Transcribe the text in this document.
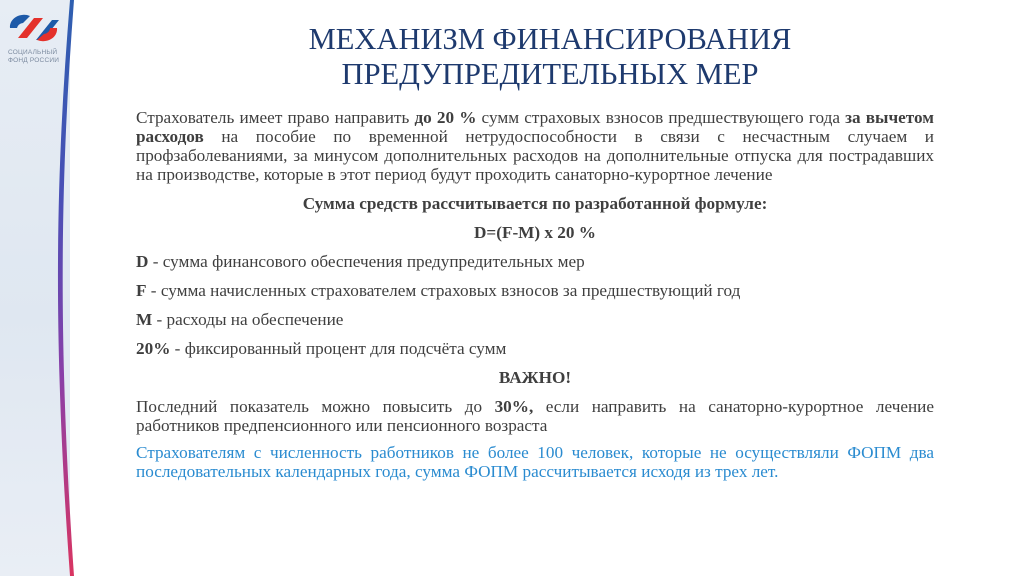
СОЦИАЛЬНЫЙ
ФОНД РОССИИ
МЕХАНИЗМ ФИНАНСИРОВАНИЯ
ПРЕДУПРЕДИТЕЛЬНЫХ МЕР

Страхователь имеет право направить до 20 % сумм страховых взносов предшествующего года за вычетом расходов на пособие по временной нетрудоспособности в связи с несчастным случаем и профзаболеваниями, за минусом дополнительных расходов на дополнительные отпуска для пострадавших на производстве, которые в этот период будут проходить санаторно-курортное лечение

Сумма средств рассчитывается по разработанной формуле:

D=(F-M) x 20 %

D - сумма финансового обеспечения предупредительных мер

F - сумма начисленных страхователем страховых взносов за предшествующий год

M - расходы на обеспечение

20% - фиксированный процент для подсчёта сумм

ВАЖНО!

Последний показатель можно повысить до 30%, если направить на санаторно-курортное лечение работников предпенсионного или пенсионного возраста

Страхователям с численность работников не более 100 человек, которые не осуществляли ФОПМ два последовательных календарных года, сумма ФОПМ рассчитывается исходя из трех лет.
